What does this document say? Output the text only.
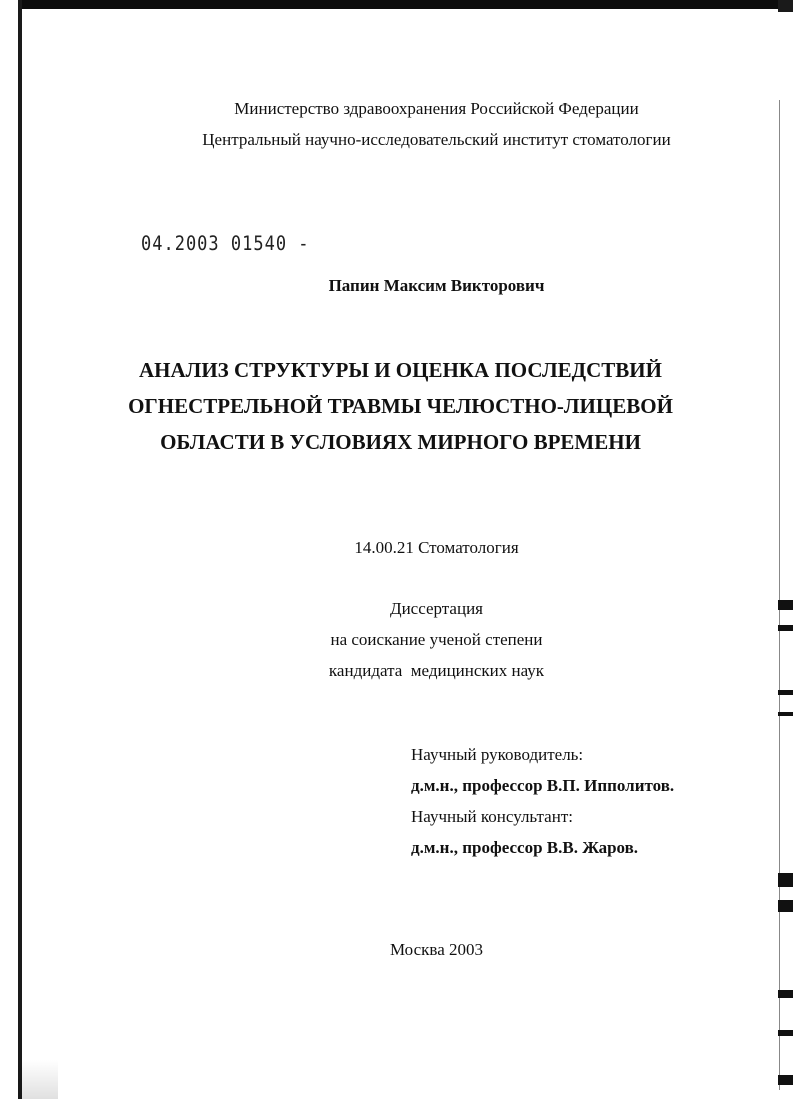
Министерство здравоохранения Российской Федерации
Центральный научно-исследовательский институт стоматологии
04.2003 01540 -
Папин Максим Викторович
АНАЛИЗ СТРУКТУРЫ И ОЦЕНКА ПОСЛЕДСТВИЙ
ОГНЕСТРЕЛЬНОЙ ТРАВМЫ ЧЕЛЮСТНО-ЛИЦЕВОЙ
ОБЛАСТИ В УСЛОВИЯХ МИРНОГО ВРЕМЕНИ
14.00.21 Стоматология
Диссертация
на соискание ученой степени
кандидата  медицинских наук
Научный руководитель:
д.м.н., профессор В.П. Ипполитов.
Научный консультант:
д.м.н., профессор В.В. Жаров.
Москва 2003
